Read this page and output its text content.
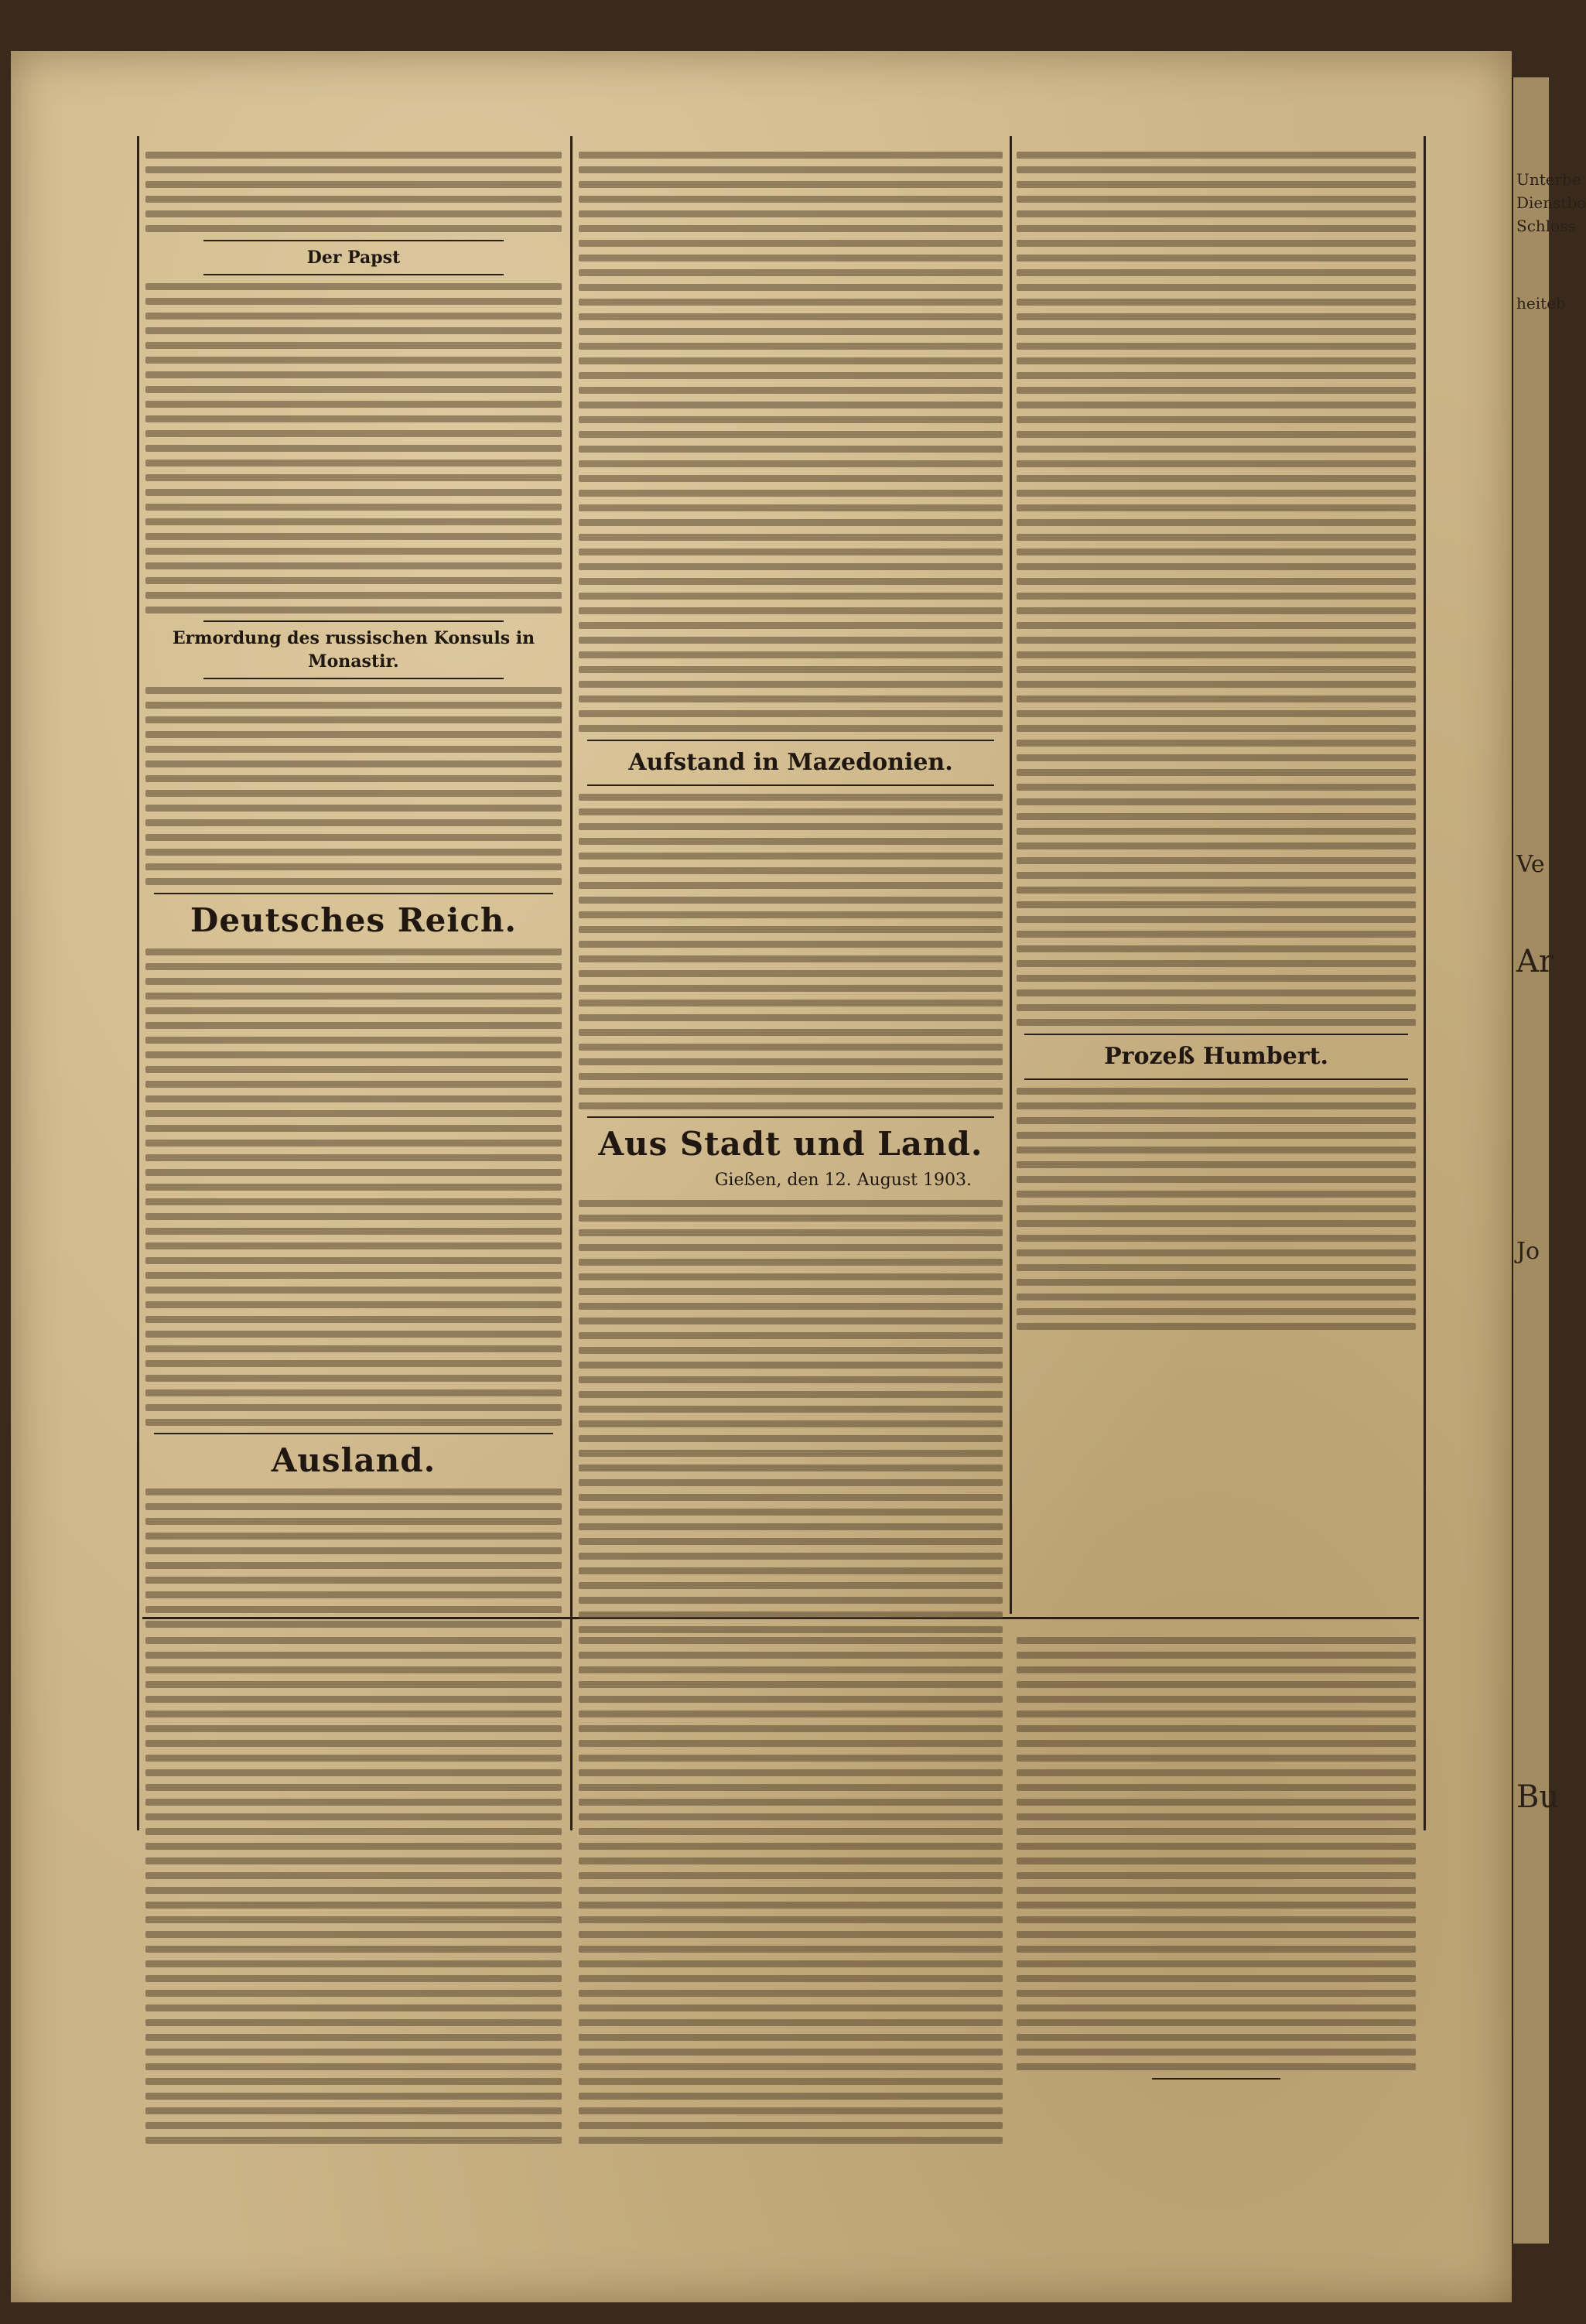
Der Papst
Ermordung des russischen Konsuls in Monastir.
Deutsches Reich.
Ausland.
Aufstand in Mazedonien.
Aus Stadt und Land.
Gießen, den 12. August 1903.
Prozeß Humbert.
Unterbe
Dienstbo
Schloss
heiteb
Ve
Ar
Jo
Bu
